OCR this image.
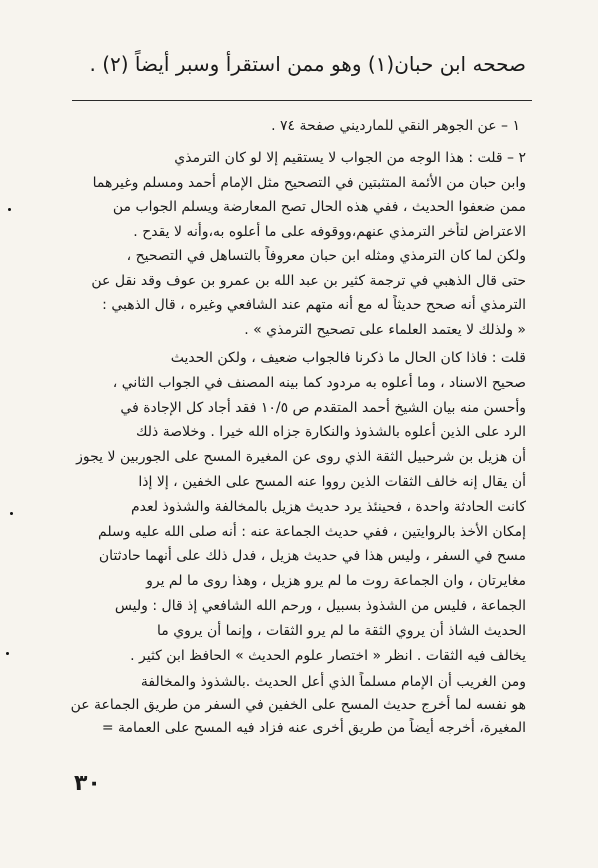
صححه ابن حبان(١) وهو ممن استقرأ وسبر أيضاً (٢) .
١ – عن الجوهر النقي للمارديني صفحة ٧٤ .
٢ – قلت : هذا الوجه من الجواب لا يستقيم إلا لو كان الترمذي
وابن حبان من الأئمة المتثبتين في التصحيح مثل الإمام أحمد ومسلم وغيرهما
ممن ضعفوا الحديث ، ففي هذه الحال تصح المعارضة ويسلم الجواب من
الاعتراض لتأخر الترمذي عنهم،ووقوفه على ما أعلوه به،وأنه لا يقدح .
ولكن لما كان الترمذي ومثله ابن حبان معروفاً بالتساهل في التصحيح ،
حتى قال الذهبي في ترجمة كثير بن عبد الله بن عمرو بن عوف وقد نقل عن
الترمذي أنه صحح حديثاً له مع أنه متهم عند الشافعي وغيره ، قال الذهبي :
« ولذلك لا يعتمد العلماء على تصحيح الترمذي » .
قلت : فاذا كان الحال ما ذكرنا فالجواب ضعيف ، ولكن الحديث
صحيح الاسناد ، وما أعلوه به مردود كما بينه المصنف في الجواب الثاني ،
وأحسن منه بيان الشيخ أحمد المتقدم ص ١٠/٥ فقد أجاد كل الإجادة في
الرد على الذين أعلوه بالشذوذ والنكارة جزاه الله خيرا . وخلاصة ذلك
أن هزيل بن شرحبيل الثقة الذي روى عن المغيرة المسح على الجوربين لا يجوز
أن يقال إنه خالف الثقات الذين رووا عنه المسح على الخفين ، إلا إذا
كانت الحادثة واحدة ، فحينئذ يرد حديث هزيل بالمخالفة والشذوذ لعدم
إمكان الأخذ بالروايتين ، ففي حديث الجماعة عنه : أنه صلى الله عليه وسلم
مسح في السفر ، وليس هذا في حديث هزيل ، فدل ذلك على أنهما حادثتان
مغايرتان ، وان الجماعة روت ما لم يرو هزيل ، وهذا روى ما لم يرو
الجماعة ، فليس من الشذوذ بسبيل ، ورحم الله الشافعي إذ قال : وليس
الحديث الشاذ أن يروي الثقة ما لم يرو الثقات ، وإنما أن يروي ما
يخالف فيه الثقات . انظر « اختصار علوم الحديث » الحافظ ابن كثير .
ومن الغريب أن الإمام مسلماً الذي أعل الحديث .بالشذوذ والمخالفة
هو نفسه لما أخرج حديث المسح على الخفين في السفر من طريق الجماعة عن
المغيرة، أخرجه أيضاً من طريق أخرى عنه فزاد فيه المسح على العمامة =
٣٠
